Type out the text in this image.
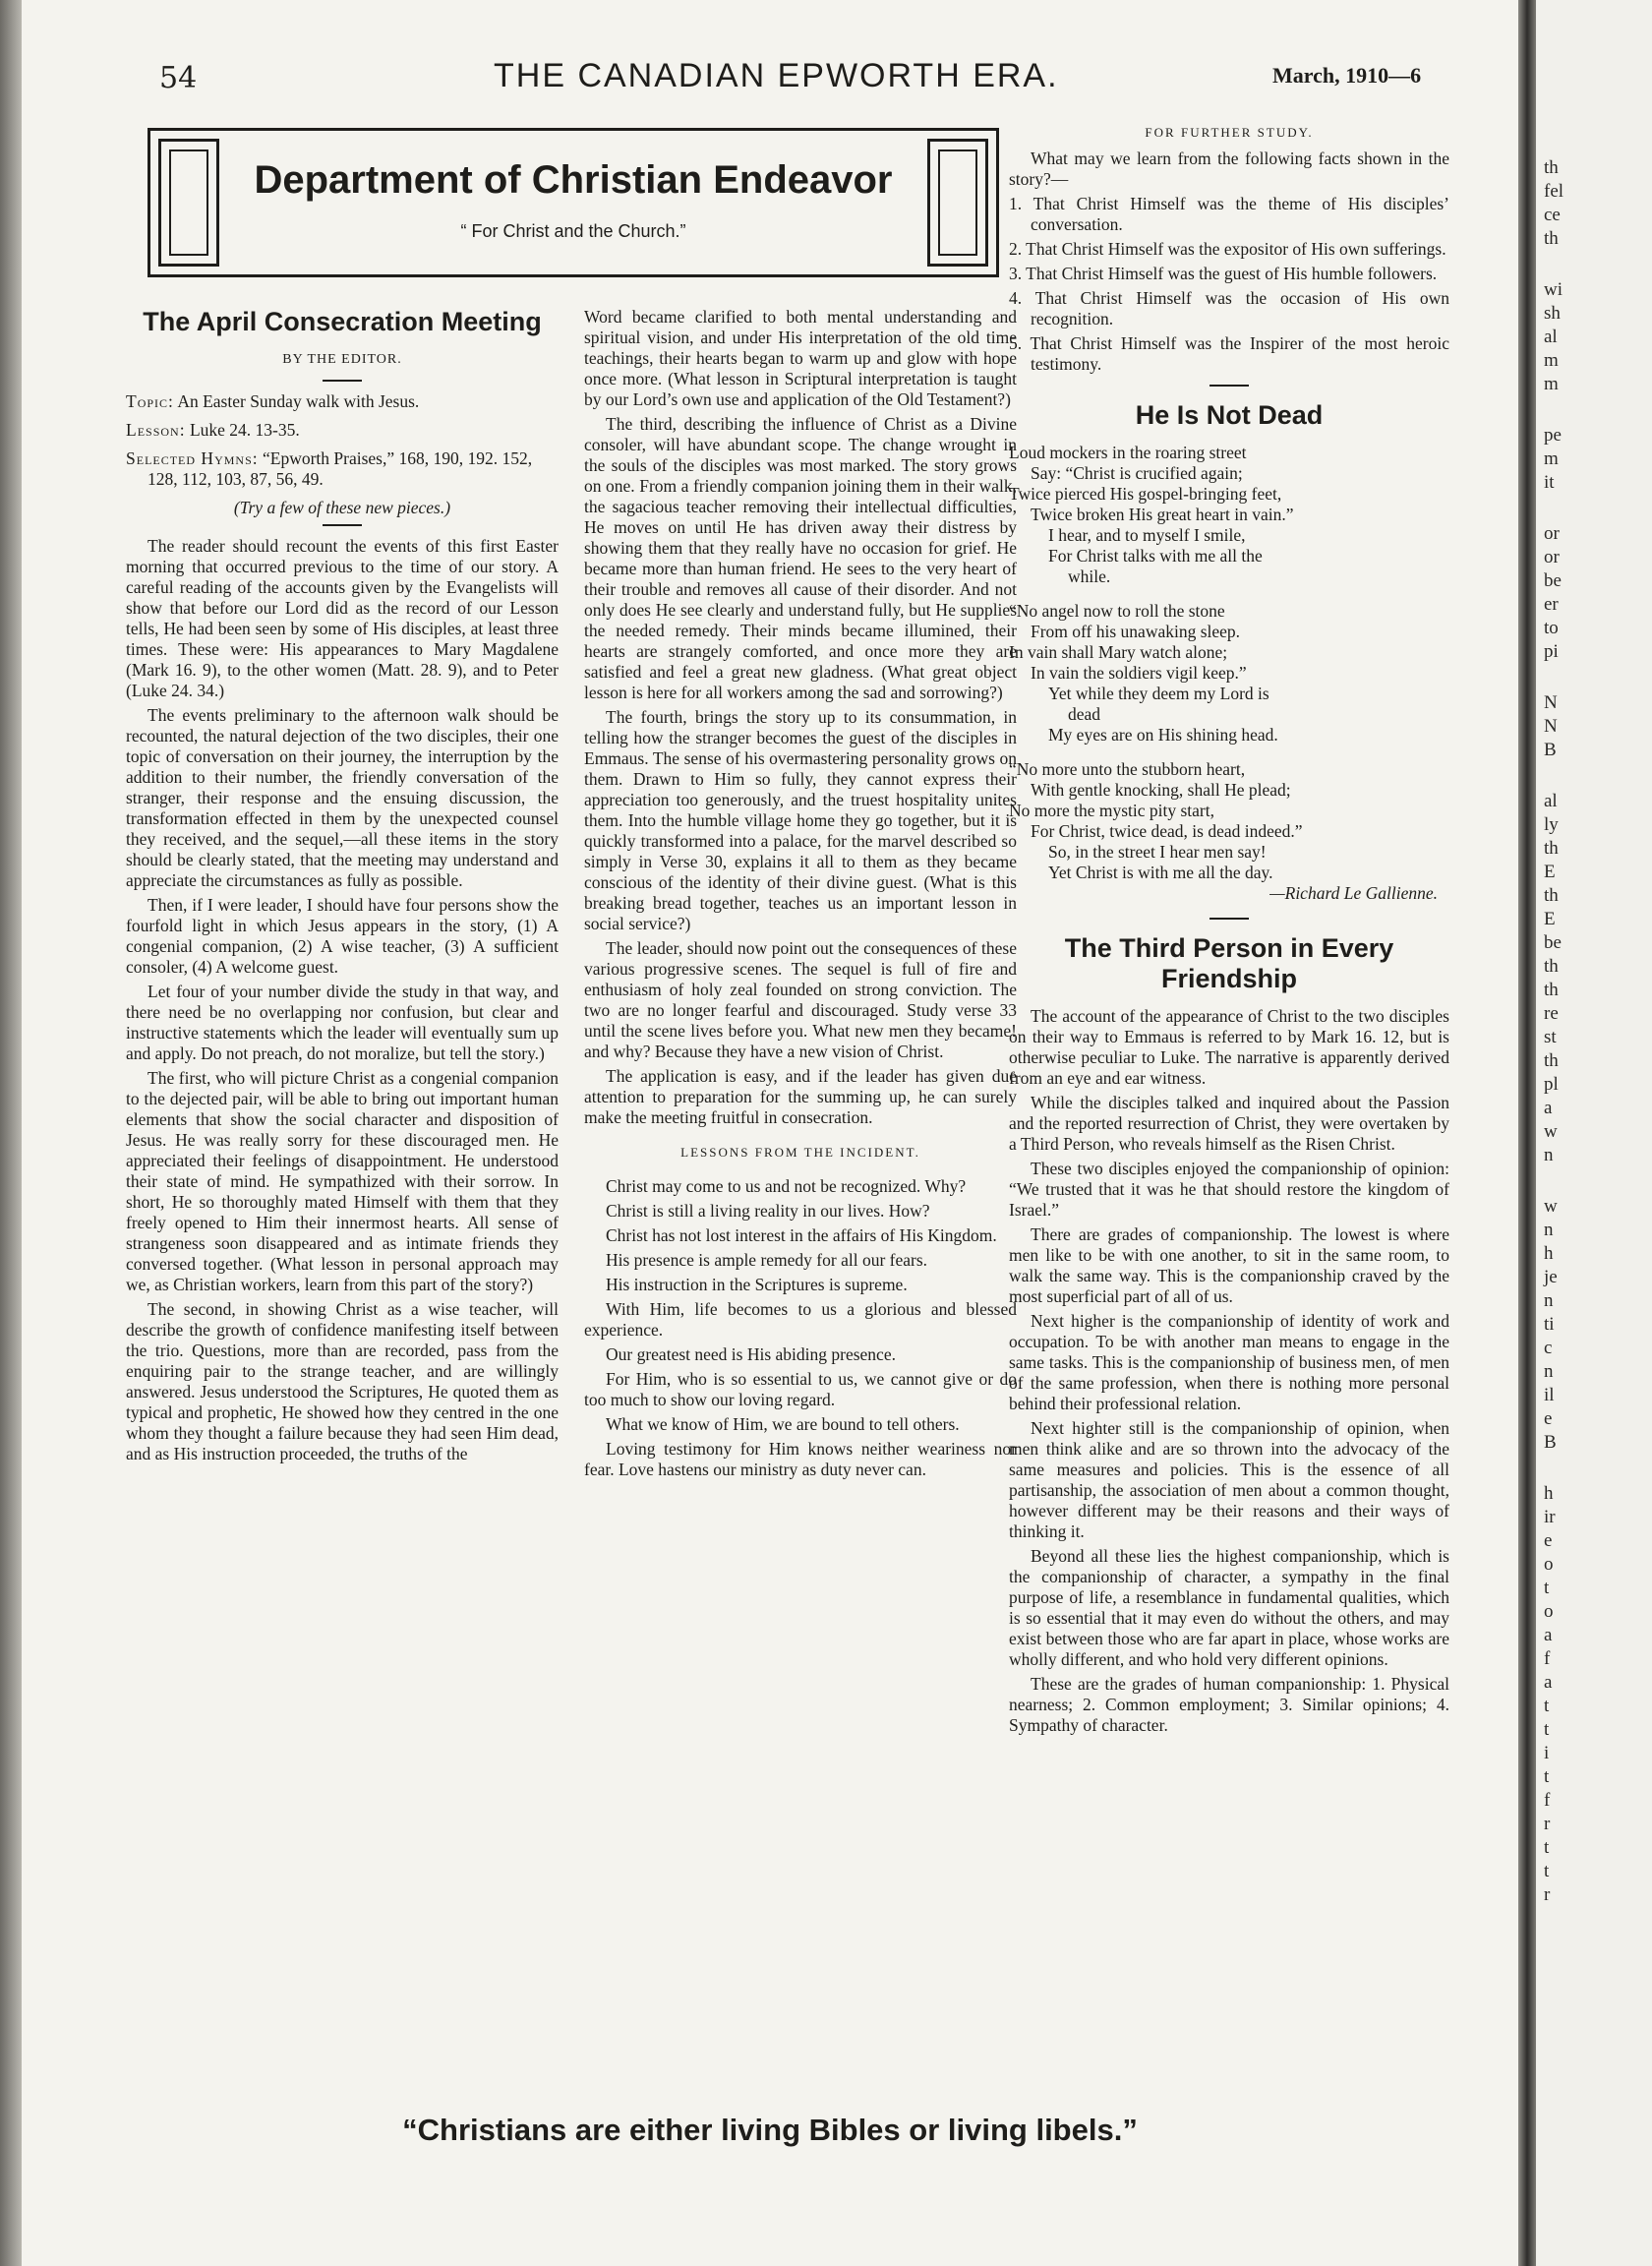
54	THE CANADIAN EPWORTH ERA.	March, 1910—6
Department of Christian Endeavor
“ For Christ and the Church.”
The April Consecration Meeting
BY THE EDITOR.

Topic: An Easter Sunday walk with Jesus.

Lesson: Luke 24. 13-35.

Selected Hymns: “Epworth Praises,” 168, 190, 192. 152, 128, 112, 103, 87, 56, 49.

(Try a few of these new pieces.)

The reader should recount the events of this first Easter morning that occurred previous to the time of our story. A careful reading of the accounts given by the Evangelists will show that before our Lord did as the record of our Lesson tells, He had been seen by some of His disciples, at least three times. These were: His appearances to Mary Magdalene (Mark 16. 9), to the other women (Matt. 28. 9), and to Peter (Luke 24. 34.)

The events preliminary to the afternoon walk should be recounted, the natural dejection of the two disciples, their one topic of conversation on their journey, the interruption by the addition to their number, the friendly conversation of the stranger, their response and the ensuing discussion, the transformation effected in them by the unexpected counsel they received, and the sequel,—all these items in the story should be clearly stated, that the meeting may understand and appreciate the circumstances as fully as possible.

Then, if I were leader, I should have four persons show the fourfold light in which Jesus appears in the story, (1) A congenial companion, (2) A wise teacher, (3) A sufficient consoler, (4) A welcome guest.

Let four of your number divide the study in that way, and there need be no overlapping nor confusion, but clear and instructive statements which the leader will eventually sum up and apply. Do not preach, do not moralize, but tell the story.)

The first, who will picture Christ as a congenial companion to the dejected pair, will be able to bring out important human elements that show the social character and disposition of Jesus. He was really sorry for these discouraged men. He appreciated their feelings of disappointment. He understood their state of mind. He sympathized with their sorrow. In short, He so thoroughly mated Himself with them that they freely opened to Him their innermost hearts. All sense of strangeness soon disappeared and as intimate friends they conversed together. (What lesson in personal approach may we, as Christian workers, learn from this part of the story?)

The second, in showing Christ as a wise teacher, will describe the growth of confidence manifesting itself between the trio. Questions, more than are recorded, pass from the enquiring pair to the strange teacher, and are willingly answered. Jesus understood the Scriptures, He quoted them as typical and prophetic, He showed how they centred in the one whom they thought a failure because they had seen Him dead, and as His instruction proceeded, the truths of the

Word became clarified to both mental understanding and spiritual vision, and under His interpretation of the old time teachings, their hearts began to warm up and glow with hope once more. (What lesson in Scriptural interpretation is taught by our Lord’s own use and application of the Old Testament?)

The third, describing the influence of Christ as a Divine consoler, will have abundant scope. The change wrought in the souls of the disciples was most marked. The story grows on one. From a friendly companion joining them in their walk, the sagacious teacher removing their intellectual difficulties, He moves on until He has driven away their distress by showing them that they really have no occasion for grief. He became more than human friend. He sees to the very heart of their trouble and removes all cause of their disorder. And not only does He see clearly and understand fully, but He supplies the needed remedy. Their minds became illumined, their hearts are strangely comforted, and once more they are satisfied and feel a great new gladness. (What great object lesson is here for all workers among the sad and sorrowing?)

The fourth, brings the story up to its consummation, in telling how the stranger becomes the guest of the disciples in Emmaus. The sense of his overmastering personality grows on them. Drawn to Him so fully, they cannot express their appreciation too generously, and the truest hospitality unites them. Into the humble village home they go together, but it is quickly transformed into a palace, for the marvel described so simply in Verse 30, explains it all to them as they became conscious of the identity of their divine guest. (What is this breaking bread together, teaches us an important lesson in social service?)

The leader, should now point out the consequences of these various progressive scenes. The sequel is full of fire and enthusiasm of holy zeal founded on strong conviction. The two are no longer fearful and discouraged. Study verse 33 until the scene lives before you. What new men they became! and why? Because they have a new vision of Christ.

The application is easy, and if the leader has given due attention to preparation for the summing up, he can surely make the meeting fruitful in consecration.

LESSONS FROM THE INCIDENT.

Christ may come to us and not be recognized. Why?

Christ is still a living reality in our lives. How?

Christ has not lost interest in the affairs of His Kingdom.

His presence is ample remedy for all our fears.

His instruction in the Scriptures is supreme.

With Him, life becomes to us a glorious and blessed experience.

Our greatest need is His abiding presence.

For Him, who is so essential to us, we cannot give or do too much to show our loving regard.

What we know of Him, we are bound to tell others.

Loving testimony for Him knows neither weariness nor fear. Love hastens our ministry as duty never can.

FOR FURTHER STUDY.

What may we learn from the following facts shown in the story?—

1. That Christ Himself was the theme of His disciples’ conversation.

2. That Christ Himself was the expositor of His own sufferings.

3. That Christ Himself was the guest of His humble followers.

4. That Christ Himself was the occasion of His own recognition.

5. That Christ Himself was the Inspirer of the most heroic testimony.

He Is Not Dead
Loud mockers in the roaring street
Say: “Christ is crucified again;
Twice pierced His gospel-bringing feet,
Twice broken His great heart in vain.”
I hear, and to myself I smile,
For Christ talks with me all the
while.
“No angel now to roll the stone
From off his unawaking sleep.
In vain shall Mary watch alone;
In vain the soldiers vigil keep.”
Yet while they deem my Lord is
dead
My eyes are on His shining head.
“No more unto the stubborn heart,
With gentle knocking, shall He plead;
No more the mystic pity start,
For Christ, twice dead, is dead indeed.”
So, in the street I hear men say!
Yet Christ is with me all the day.
—Richard Le Gallienne.
The Third Person in Every Friendship

The account of the appearance of Christ to the two disciples on their way to Emmaus is referred to by Mark 16. 12, but is otherwise peculiar to Luke. The narrative is apparently derived from an eye and ear witness.

While the disciples talked and inquired about the Passion and the reported resurrection of Christ, they were overtaken by a Third Person, who reveals himself as the Risen Christ.

These two disciples enjoyed the companionship of opinion: “We trusted that it was he that should restore the kingdom of Israel.”

There are grades of companionship. The lowest is where men like to be with one another, to sit in the same room, to walk the same way. This is the companionship craved by the most superficial part of all of us.

Next higher is the companionship of identity of work and occupation. To be with another man means to engage in the same tasks. This is the companionship of business men, of men of the same profession, when there is nothing more personal behind their professional relation.

Next highter still is the companionship of opinion, when men think alike and are so thrown into the advocacy of the same measures and policies. This is the essence of all partisanship, the association of men about a common thought, however different may be their reasons and their ways of thinking it.

Beyond all these lies the highest companionship, which is the companionship of character, a sympathy in the final purpose of life, a resemblance in fundamental qualities, which is so essential that it may even do without the others, and may exist between those who are far apart in place, whose works are wholly different, and who hold very different opinions.

These are the grades of human companionship: 1. Physical nearness; 2. Common employment; 3. Similar opinions; 4. Sympathy of character.

“Christians are either living Bibles or living libels.”
th
fel
ce
th
wi
sh
al
m
m
pe
m
it
or
or
be
er
to
pi
N
N
B
al
ly
th
E
th
E
be
th
th
re
st
th
pl
a
w
n
w
n
h
je
n
ti
c
n
il
e
B
h
ir
e
o
t
o
a
f
a
t
t
i
t
f
r
t
t
r
